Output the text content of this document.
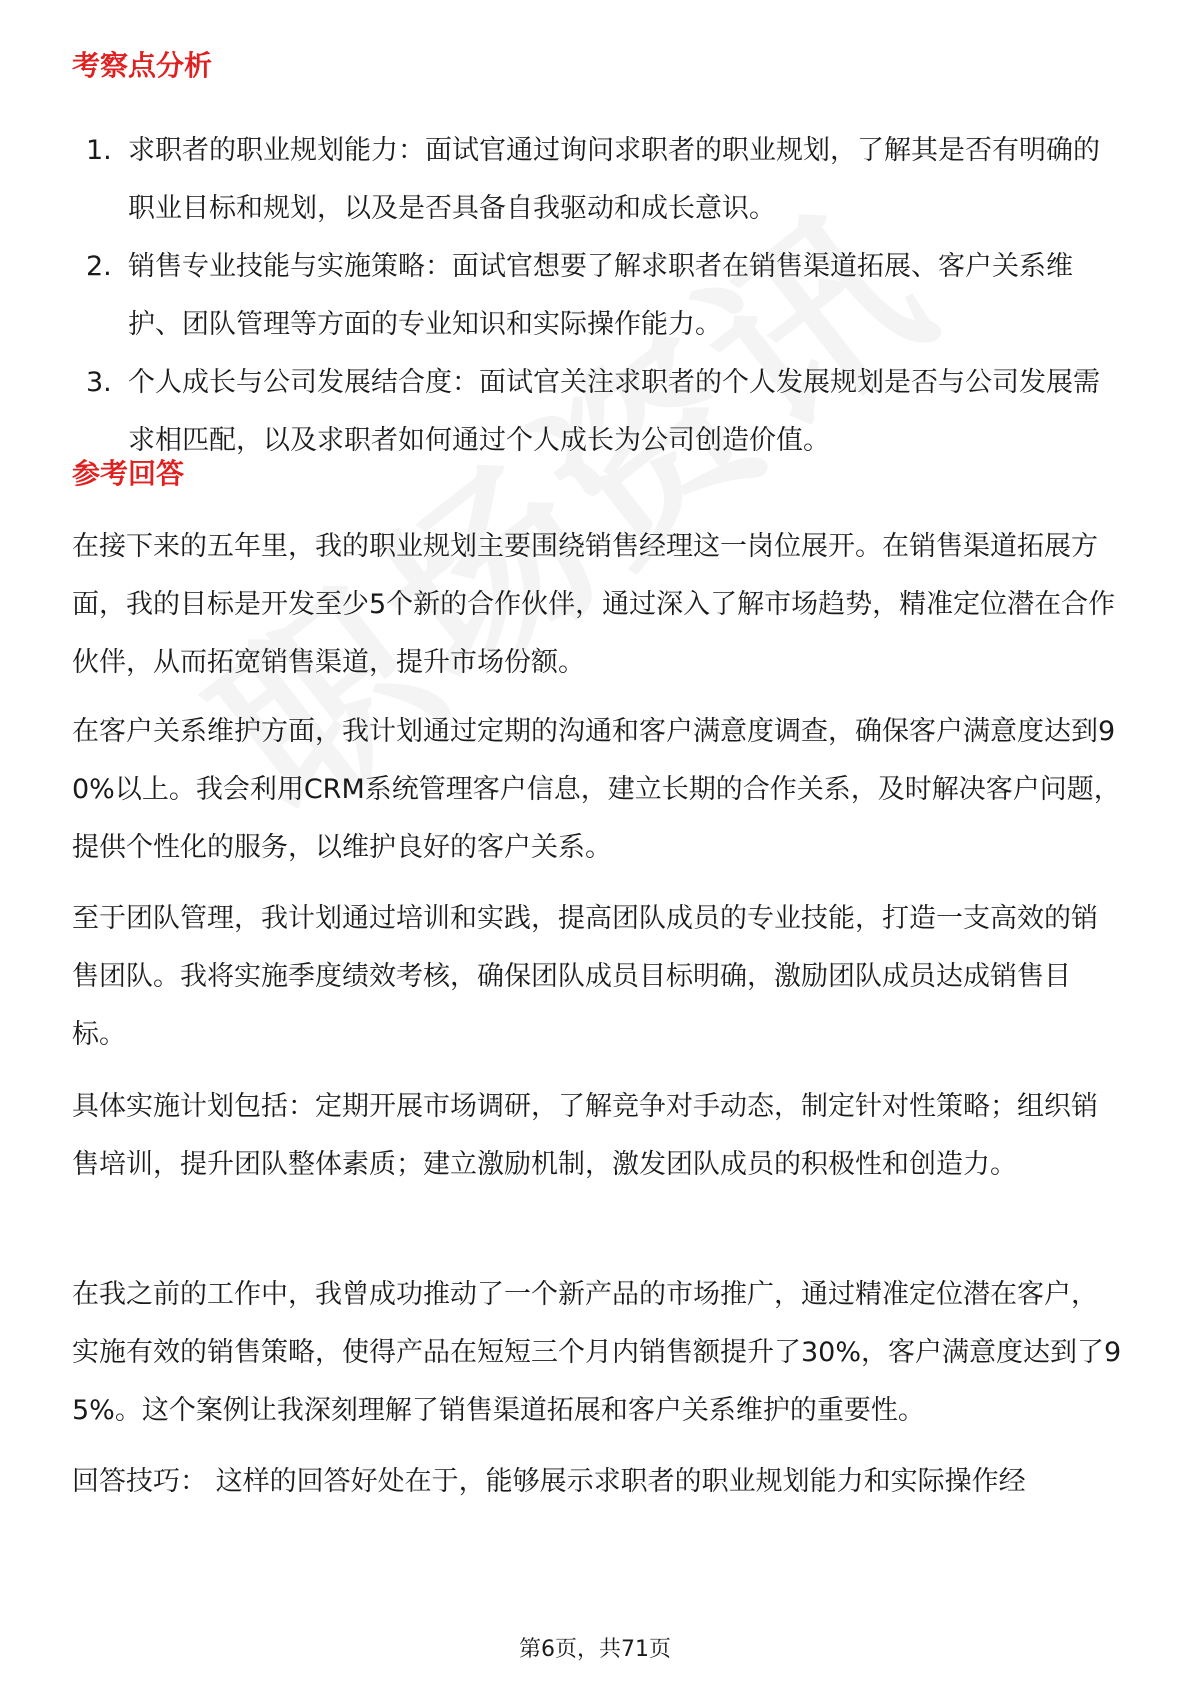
考察点分析
1. 求职者的职业规划能力：面试官通过询问求职者的职业规划，了解其是否有明确的职业目标和规划，以及是否具备自我驱动和成长意识。
2. 销售专业技能与实施策略：面试官想要了解求职者在销售渠道拓展、客户关系维护、团队管理等方面的专业知识和实际操作能力。
3. 个人成长与公司发展结合度：面试官关注求职者的个人发展规划是否与公司发展需求相匹配，以及求职者如何通过个人成长为公司创造价值。
参考回答

在接下来的五年里，我的职业规划主要围绕销售经理这一岗位展开。在销售渠道拓展方面，我的目标是开发至少5个新的合作伙伴，通过深入了解市场趋势，精准定位潜在合作伙伴，从而拓宽销售渠道，提升市场份额。

在客户关系维护方面，我计划通过定期的沟通和客户满意度调查，确保客户满意度达到90%以上。我会利用CRM系统管理客户信息，建立长期的合作关系，及时解决客户问题，提供个性化的服务，以维护良好的客户关系。

至于团队管理，我计划通过培训和实践，提高团队成员的专业技能，打造一支高效的销售团队。我将实施季度绩效考核，确保团队成员目标明确，激励团队成员达成销售目标。

具体实施计划包括：定期开展市场调研，了解竞争对手动态，制定针对性策略；组织销售培训，提升团队整体素质；建立激励机制，激发团队成员的积极性和创造力。

在我之前的工作中，我曾成功推动了一个新产品的市场推广，通过精准定位潜在客户，实施有效的销售策略，使得产品在短短三个月内销售额提升了30%，客户满意度达到了95%。这个案例让我深刻理解了销售渠道拓展和客户关系维护的重要性。

回答技巧： 这样的回答好处在于，能够展示求职者的职业规划能力和实际操作经

第6页，共71页
